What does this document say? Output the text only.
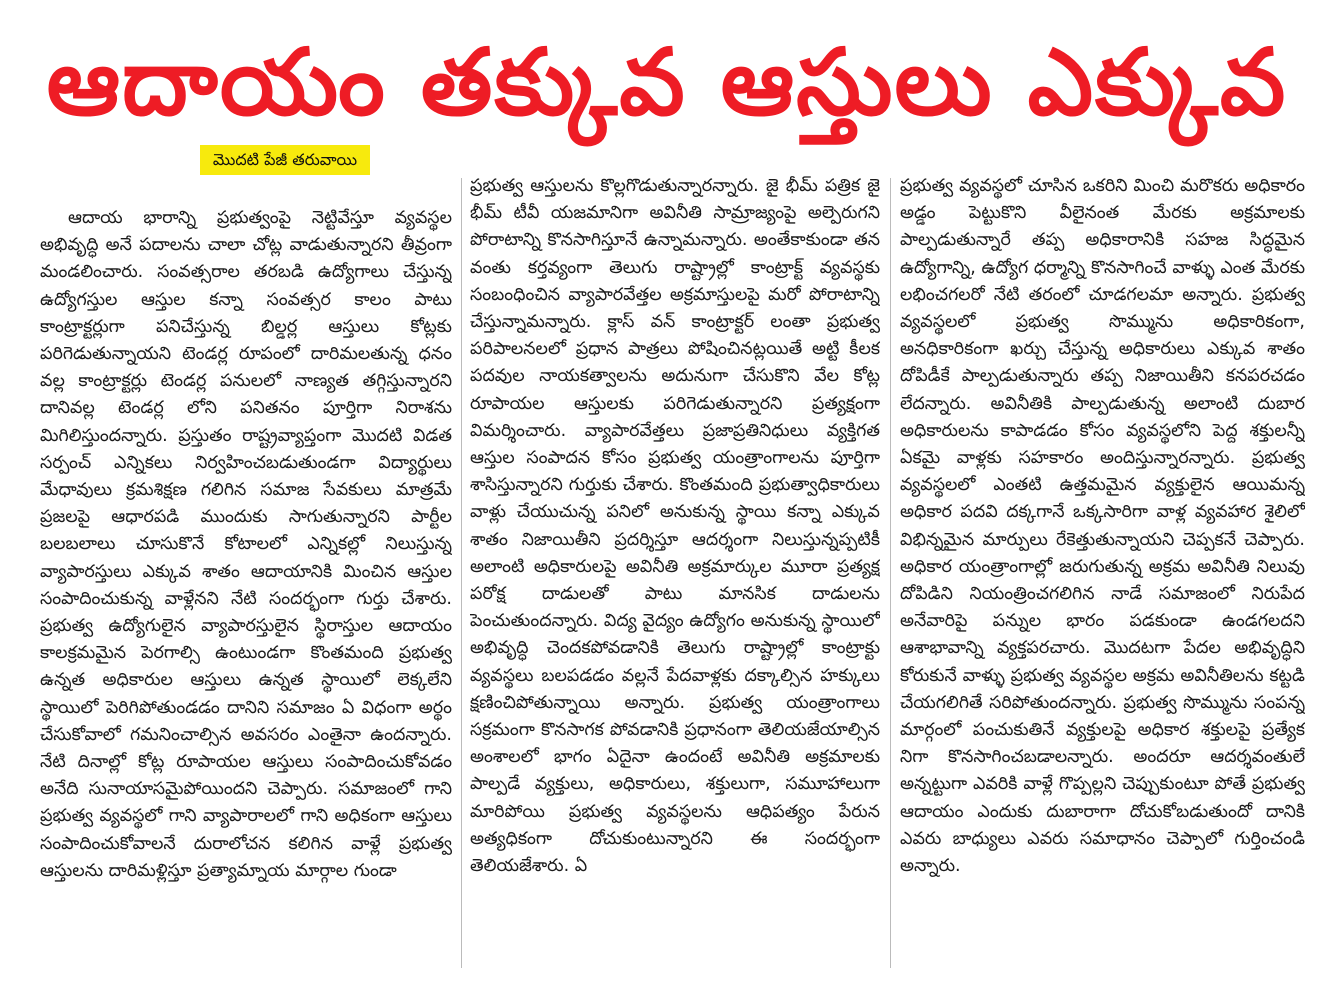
ఆదాయం తక్కువ ఆస్తులు ఎక్కువ
మొదటి పేజీ తరువాయి

ఆదాయ భారాన్ని ప్రభుత్వంపై నెట్టివేస్తూ వ్యవస్థల అభివృద్ధి అనే పదాలను చాలా చోట్ల వాడుతున్నారని తీవ్రంగా మండలించారు. సంవత్సరాల తరబడి ఉద్యోగాలు చేస్తున్న ఉద్యోగస్తుల ఆస్తుల కన్నా సంవత్సర కాలం పాటు కాంట్రాక్టర్లుగా పనిచేస్తున్న బిల్డర్ల ఆస్తులు కోట్లకు పరిగెడుతున్నాయని టెండర్ల రూపంలో దారిమలతున్న ధనం వల్ల కాంట్రాక్టర్లు టెండర్ల పనులలో నాణ్యత తగ్గిస్తున్నారని దానివల్ల టెండర్ల లోని పనితనం పూర్తిగా నిరాశను మిగిలిస్తుందన్నారు. ప్రస్తుతం రాష్ట్రవ్యాప్తంగా మొదటి విడత సర్పంచ్ ఎన్నికలు నిర్వహించబడుతుండగా విద్యార్థులు మేధావులు క్రమశిక్షణ గలిగిన సమాజ సేవకులు మాత్రమే ప్రజలపై ఆధారపడి ముందుకు సాగుతున్నారని పార్టీల బలబలాలు చూసుకొనే కోటాలలో ఎన్నికల్లో నిలుస్తున్న వ్యాపారస్తులు ఎక్కువ శాతం ఆదాయానికి మించిన ఆస్తుల సంపాదించుకున్న వాళ్లేనని నేటి సందర్భంగా గుర్తు చేశారు. ప్రభుత్వ ఉద్యోగులైన వ్యాపారస్తులైన స్థిరాస్తుల ఆదాయం కాలక్రమమైన పెరగాల్సి ఉంటుండగా కొంతమంది ప్రభుత్వ ఉన్నత అధికారుల ఆస్తులు ఉన్నత స్థాయిలో లెక్కలేని స్థాయిలో పెరిగిపోతుండడం దానిని సమాజం ఏ విధంగా అర్థం చేసుకోవాలో గమనించాల్సిన అవసరం ఎంతైనా ఉందన్నారు. నేటి దినాల్లో కోట్ల రూపాయల ఆస్తులు సంపాదించుకోవడం అనేది సునాయాసమైపోయిందని చెప్పారు. సమాజంలో గాని ప్రభుత్వ వ్యవస్థలో గాని వ్యాపారాలలో గాని అధికంగా ఆస్తులు సంపాదించుకోవాలనే దురాలోచన కలిగిన వాళ్లే ప్రభుత్వ ఆస్తులను దారిమళ్లిస్తూ ప్రత్యామ్నాయ మార్గాల గుండా

ప్రభుత్వ ఆస్తులను కొల్లగొడుతున్నారన్నారు. జై భీమ్ పత్రిక జై భీమ్ టీవీ యజమానిగా అవినీతి సామ్రాజ్యంపై అల్పెరుగని పోరాటాన్ని కొనసాగిస్తూనే ఉన్నామన్నారు. అంతేకాకుండా తన వంతు కర్తవ్యంగా తెలుగు రాష్ట్రాల్లో కాంట్రాక్ట్ వ్యవస్థకు సంబంధించిన వ్యాపారవేత్తల అక్రమాస్తులపై మరో పోరాటాన్ని చేస్తున్నామన్నారు. క్లాస్ వన్ కాంట్రాక్టర్ లంతా ప్రభుత్వ పరిపాలనలలో ప్రధాన పాత్రలు పోషించినట్లయితే అట్టి కీలక పదవుల నాయకత్వాలను అదునుగా చేసుకొని వేల కోట్ల రూపాయల ఆస్తులకు పరిగెడుతున్నారని ప్రత్యక్షంగా విమర్శించారు. వ్యాపారవేత్తలు ప్రజాప్రతినిధులు వ్యక్తిగత ఆస్తుల సంపాదన కోసం ప్రభుత్వ యంత్రాంగాలను పూర్తిగా శాసిస్తున్నారని గుర్తుకు చేశారు. కొంతమంది ప్రభుత్వాధికారులు వాళ్లు చేయుచున్న పనిలో అనుకున్న స్థాయి కన్నా ఎక్కువ శాతం నిజాయితీని ప్రదర్శిస్తూ ఆదర్శంగా నిలుస్తున్నప్పటికీ అలాంటి అధికారులపై అవినీతి అక్రమార్కుల మూరా ప్రత్యక్ష పరోక్ష దాడులతో పాటు మానసిక దాడులను పెంచుతుందన్నారు. విద్య వైద్యం ఉద్యోగం అనుకున్న స్థాయిలో అభివృద్ధి చెందకపోవడానికి తెలుగు రాష్ట్రాల్లో కాంట్రాక్టు వ్యవస్థలు బలపడడం వల్లనే పేదవాళ్లకు దక్కాల్సిన హక్కులు క్షణించిపోతున్నాయి అన్నారు. ప్రభుత్వ యంత్రాంగాలు సక్రమంగా కొనసాగక పోవడానికి ప్రధానంగా తెలియజేయాల్సిన అంశాలలో భాగం ఏదైనా ఉందంటే అవినీతి అక్రమాలకు పాల్పడే వ్యక్తులు, అధికారులు, శక్తులుగా, సమూహాలుగా మారిపోయి ప్రభుత్వ వ్యవస్థలను ఆధిపత్యం పేరున అత్యధికంగా దోచుకుంటున్నారని ఈ సందర్భంగా తెలియజేశారు. ఏ

ప్రభుత్వ వ్యవస్థలో చూసిన ఒకరిని మించి మరొకరు అధికారం అడ్డం పెట్టుకొని వీలైనంత మేరకు అక్రమాలకు పాల్పడుతున్నారే తప్ప అధికారానికి సహజ సిద్ధమైన ఉద్యోగాన్ని, ఉద్యోగ ధర్మాన్ని కొనసాగించే వాళ్ళు ఎంత మేరకు లభించగలరో నేటి తరంలో చూడగలమా అన్నారు. ప్రభుత్వ వ్యవస్థలలో ప్రభుత్వ సొమ్మును అధికారికంగా, అనధికారికంగా ఖర్చు చేస్తున్న అధికారులు ఎక్కువ శాతం దోపిడీకే పాల్పడుతున్నారు తప్ప నిజాయితీని కనపరచడం లేదన్నారు. అవినీతికి పాల్పడుతున్న అలాంటి దుబార అధికారులను కాపాడడం కోసం వ్యవస్థలోని పెద్ద శక్తులన్నీ ఏకమై వాళ్లకు సహకారం అందిస్తున్నారన్నారు. ప్రభుత్వ వ్యవస్థలలో ఎంతటి ఉత్తమమైన వ్యక్తులైన ఆయిమన్న అధికార పదవి దక్కగానే ఒక్కసారిగా వాళ్ల వ్యవహార శైలిలో విభిన్నమైన మార్పులు రేకెత్తుతున్నాయని చెప్పకనే చెప్పారు. అధికార యంత్రాంగాల్లో జరుగుతున్న అక్రమ అవినీతి నిలువు దోపిడిని నియంత్రించగలిగిన నాడే సమాజంలో నిరుపేద అనేవారిపై పన్నుల భారం పడకుండా ఉండగలదని ఆశాభావాన్ని వ్యక్తపరచారు. మొదటగా పేదల అభివృద్ధిని కోరుకునే వాళ్ళు ప్రభుత్వ వ్యవస్థల అక్రమ అవినీతిలను కట్టడి చేయగలిగితే సరిపోతుందన్నారు. ప్రభుత్వ సొమ్మును సంపన్న మార్గంలో పంచుకుతినే వ్యక్తులపై అధికార శక్తులపై ప్రత్యేక నిగా కొనసాగించబడాలన్నారు. అందరూ ఆదర్శవంతులే అన్నట్టుగా ఎవరికి వాళ్లే గొప్పల్లని చెప్పుకుంటూ పోతే ప్రభుత్వ ఆదాయం ఎందుకు దుబారాగా దోచుకోబడుతుందో దానికి ఎవరు బాధ్యులు ఎవరు సమాధానం చెప్పాలో గుర్తించండి అన్నారు.
